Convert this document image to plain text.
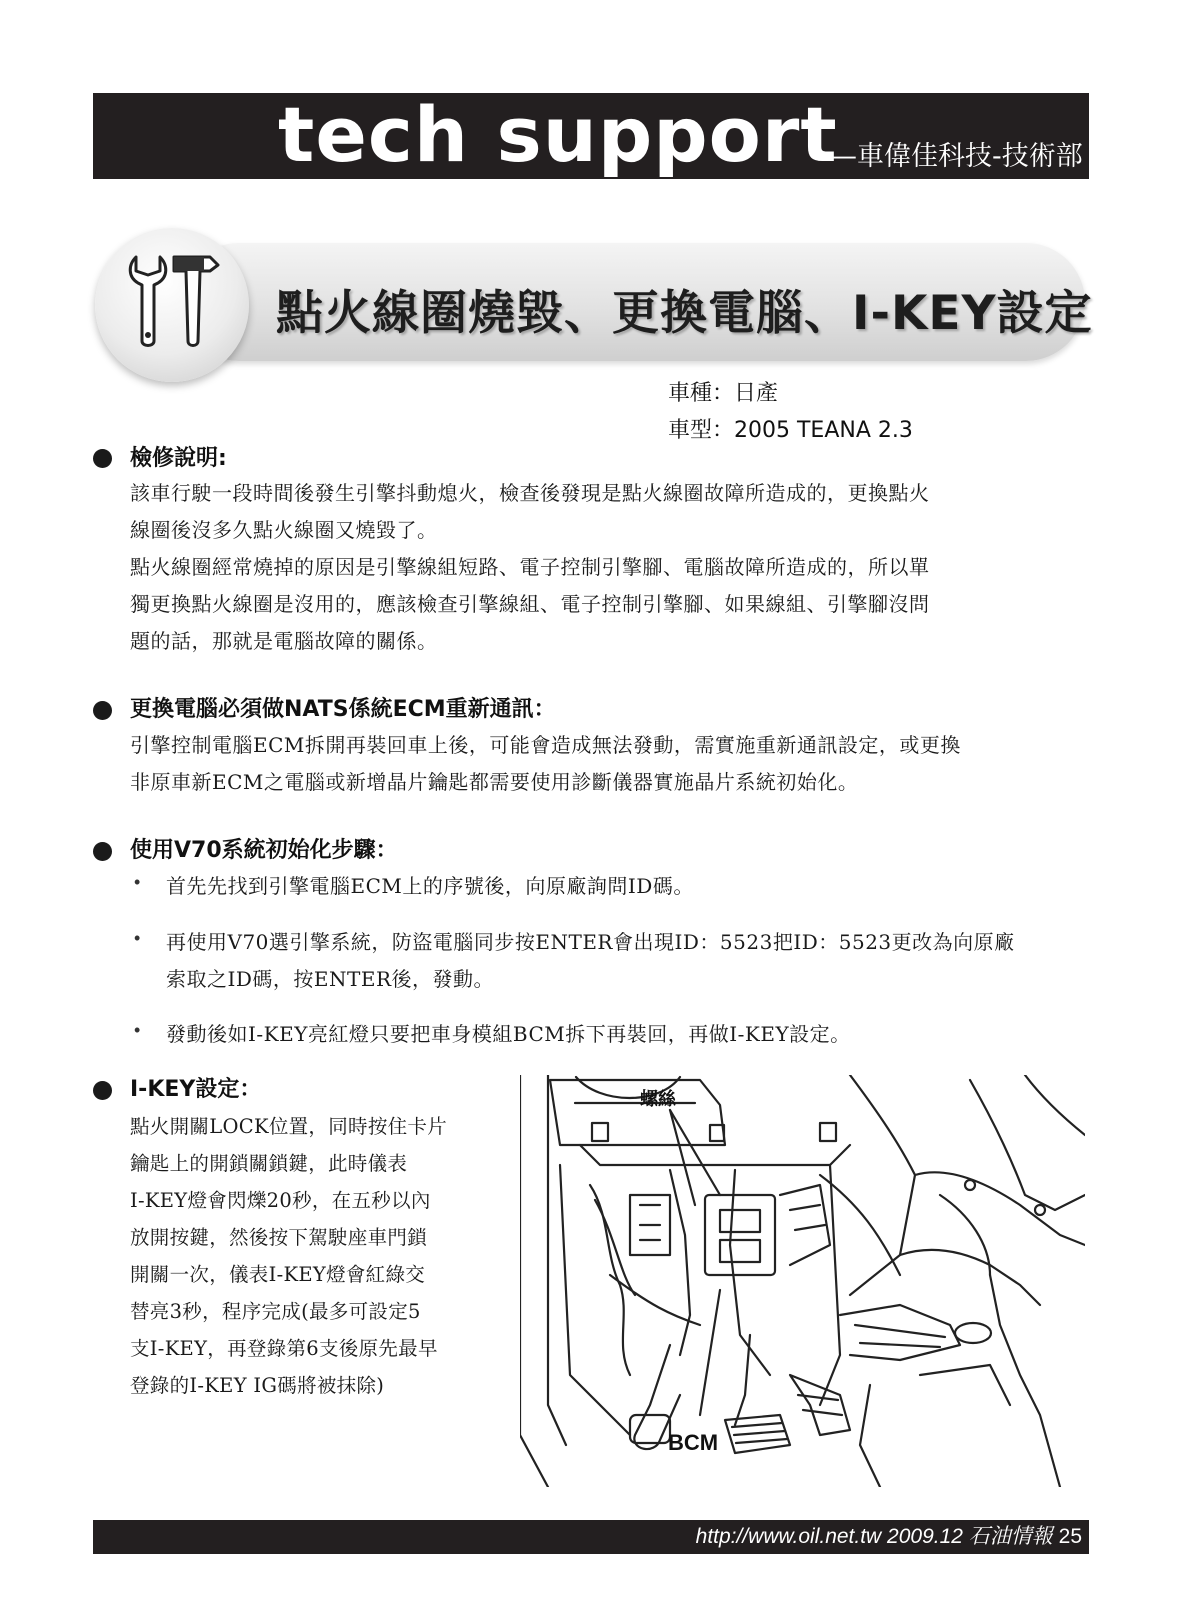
tech support
—車偉佳科技-技術部
點火線圈燒毀、更換電腦、I-KEY設定
車種：日產
車型：2005 TEANA 2.3
檢修說明:
該車行駛一段時間後發生引擎抖動熄火，檢查後發現是點火線圈故障所造成的，更換點火
線圈後沒多久點火線圈又燒毀了。
點火線圈經常燒掉的原因是引擎線組短路、電子控制引擎腳、電腦故障所造成的，所以單
獨更換點火線圈是沒用的，應該檢查引擎線組、電子控制引擎腳、如果線組、引擎腳沒問
題的話，那就是電腦故障的關係。
更換電腦必須做NATS係統ECM重新通訊：
引擎控制電腦ECM拆開再裝回車上後，可能會造成無法發動，需實施重新通訊設定，或更換
非原車新ECM之電腦或新增晶片鑰匙都需要使用診斷儀器實施晶片系統初始化。
使用V70系統初始化步驟：
• 首先先找到引擎電腦ECM上的序號後，向原廠詢問ID碼。
• 再使用V70選引擎系統，防盜電腦同步按ENTER會出現ID：5523把ID：5523更改為向原廠
索取之ID碼，按ENTER後，發動。
• 發動後如I-KEY亮紅燈只要把車身模組BCM拆下再裝回，再做I-KEY設定。
I-KEY設定：
點火開關LOCK位置，同時按住卡片
鑰匙上的開鎖關鎖鍵，此時儀表
I-KEY燈會閃爍20秒，在五秒以內
放開按鍵，然後按下駕駛座車門鎖
開關一次，儀表I-KEY燈會紅綠交
替亮3秒，程序完成(最多可設定5
支I-KEY，再登錄第6支後原先最早
登錄的I-KEY IG碼將被抹除)
螺絲
BCM
http://www.oil.net.tw 2009.12 石油情報 25
